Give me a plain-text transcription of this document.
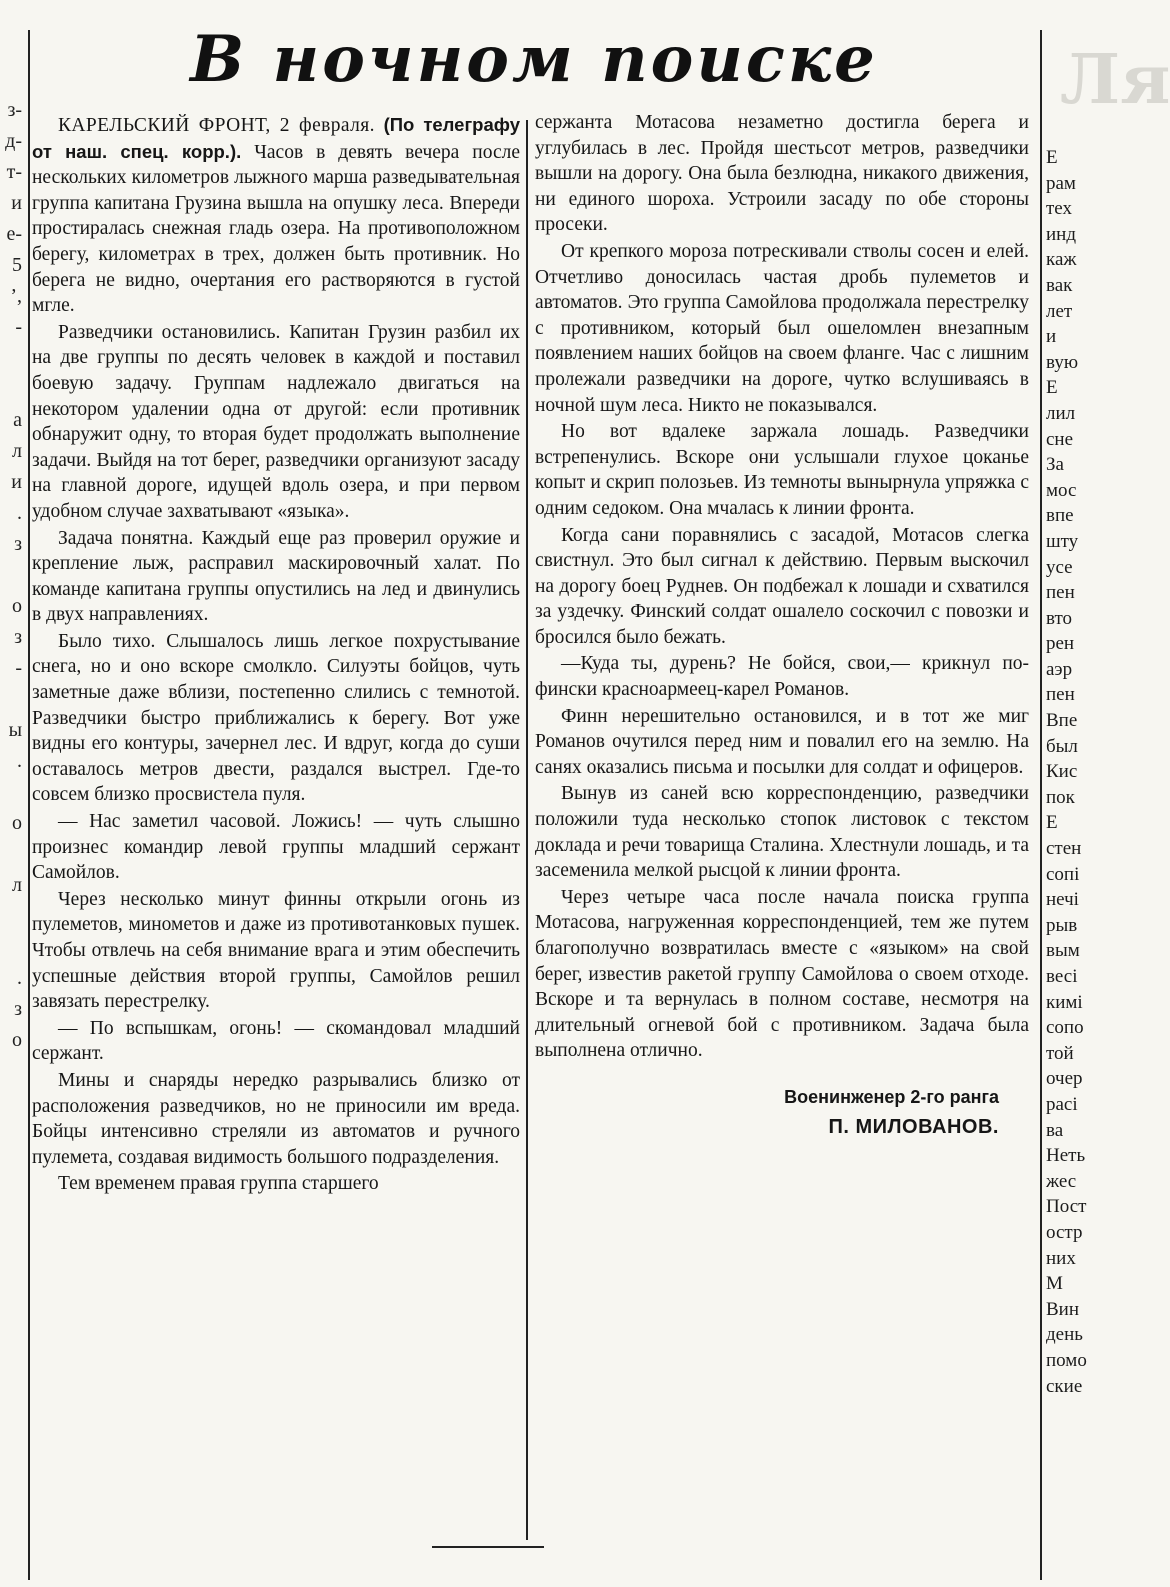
з-
д-
т-
и
е-
5
’,
-
а
л
и
.
з
о
з
-
ы
.
о
л
.
з
о
Ля
В ночном поиске

КАРЕЛЬСКИЙ ФРОНТ, 2 февраля. (По телеграфу от наш. спец. корр.). Часов в девять вечера после нескольких километров лыжного марша разведывательная группа капитана Грузина вышла на опушку леса. Впереди простиралась снежная гладь озера. На противоположном берегу, километрах в трех, должен быть противник. Но берега не видно, очертания его растворяются в густой мгле.

Разведчики остановились. Капитан Грузин разбил их на две группы по десять человек в каждой и поставил боевую задачу. Группам надлежало двигаться на некотором удалении одна от другой: если противник обнаружит одну, то вторая будет продолжать выполнение задачи. Выйдя на тот берег, разведчики организуют засаду на главной дороге, идущей вдоль озера, и при первом удобном случае захватывают «языка».

Задача понятна. Каждый еще раз проверил оружие и крепление лыж, расправил маскировочный халат. По команде капитана группы опустились на лед и двинулись в двух направлениях.

Было тихо. Слышалось лишь легкое похрустывание снега, но и оно вскоре смолкло. Силуэты бойцов, чуть заметные даже вблизи, постепенно слились с темнотой. Разведчики быстро приближались к берегу. Вот уже видны его контуры, зачернел лес. И вдруг, когда до суши оставалось метров двести, раздался выстрел. Где-то совсем близко просвистела пуля.

— Нас заметил часовой. Ложись! — чуть слышно произнес командир левой группы младший сержант Самойлов.

Через несколько минут финны открыли огонь из пулеметов, минометов и даже из противотанковых пушек. Чтобы отвлечь на себя внимание врага и этим обеспечить успешные действия второй группы, Самойлов решил завязать перестрелку.

— По вспышкам, огонь! — скомандовал младший сержант.

Мины и снаряды нередко разрывались близко от расположения разведчиков, но не приносили им вреда. Бойцы интенсивно стреляли из автоматов и ручного пулемета, создавая видимость большого подразделения.

Тем временем правая группа старшего

сержанта Мотасова незаметно достигла берега и углубилась в лес. Пройдя шестьсот метров, разведчики вышли на дорогу. Она была безлюдна, никакого движения, ни единого шороха. Устроили засаду по обе стороны просеки.

От крепкого мороза потрескивали стволы сосен и елей. Отчетливо доносилась частая дробь пулеметов и автоматов. Это группа Самойлова продолжала перестрелку с противником, который был ошеломлен внезапным появлением наших бойцов на своем фланге. Час с лишним пролежали разведчики на дороге, чутко вслушиваясь в ночной шум леса. Никто не показывался.

Но вот вдалеке заржала лошадь. Разведчики встрепенулись. Вскоре они услышали глухое цоканье копыт и скрип полозьев. Из темноты вынырнула упряжка с одним седоком. Она мчалась к линии фронта.

Когда сани поравнялись с засадой, Мотасов слегка свистнул. Это был сигнал к действию. Первым выскочил на дорогу боец Руднев. Он подбежал к лошади и схватился за уздечку. Финский солдат ошалело соскочил с повозки и бросился было бежать.

—Куда ты, дурень? Не бойся, свои,— крикнул по-фински красноармеец-карел Романов.

Финн нерешительно остановился, и в тот же миг Романов очутился перед ним и повалил его на землю. На санях оказались письма и посылки для солдат и офицеров.

Вынув из саней всю корреспонденцию, разведчики положили туда несколько стопок листовок с текстом доклада и речи товарища Сталина. Хлестнули лошадь, и та засеменила мелкой рысцой к линии фронта.

Через четыре часа после начала поиска группа Мотасова, нагруженная корреспонденцией, тем же путем благополучно возвратилась вместе с «языком» на свой берег, известив ракетой группу Самойлова о своем отходе. Вскоре и та вернулась в полном составе, несмотря на длительный огневой бой с противником. Задача была выполнена отлично.

Военинженер 2-го ранга
П. МИЛОВАНОВ.
Е
рам
тех
инд
каж
вак
лет
и
вую
Е
лил
сне
За
мос
впе
шту
усе
пен
вто
рен
аэр
пен
Впе
был
Кис
пок
Е
стен
сопі
нечі
рыв
вым
весі
кимі
сопо
той
очер
расі
ва
Неть
жес
Пост
остр
них
М
Вин
день
помо
ские
